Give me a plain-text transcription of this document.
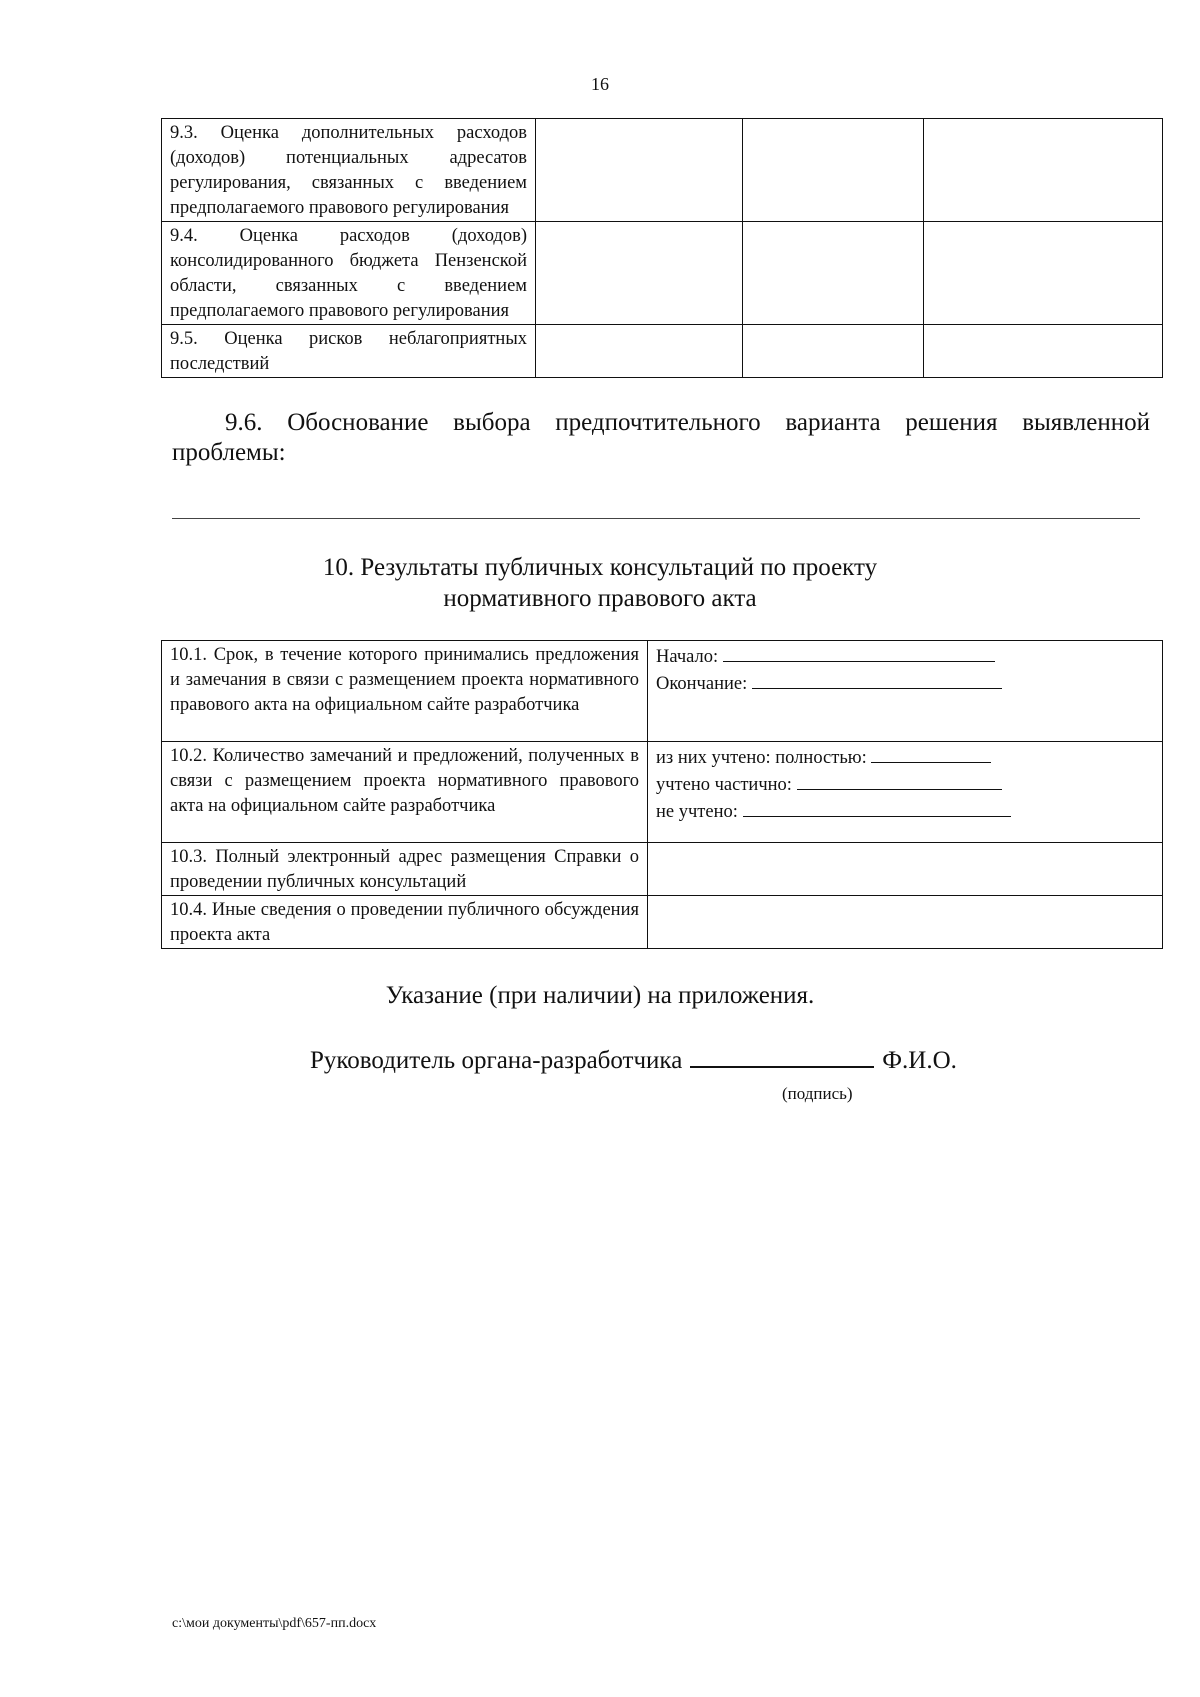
16
9.3. Оценка дополнительных расходов (доходов) потенциальных адресатов регулирования, связанных с введением предполагаемого правового регулирования			
9.4. Оценка расходов (доходов) консолидированного бюджета Пензенской области, связанных с введением предполагаемого правового регулирования			
9.5. Оценка рисков неблагоприятных последствий			
9.6. Обоснование выбора предпочтительного варианта решения выявленной проблемы:
10. Результаты публичных консультаций по проекту
нормативного правового акта
10.1. Срок, в течение которого принимались предложения и замечания в связи с размещением проекта нормативного правового акта на официальном сайте разработчика	Начало:
Окончание:

10.2. Количество замечаний и предложений, полученных в связи с размещением проекта нормативного правового акта на официальном сайте разработчика	из них учтено: полностью:
учтено частично:
не учтено:

10.3. Полный электронный адрес размещения Справки о проведении публичных консультаций	
10.4. Иные сведения о проведении публичного обсуждения проекта акта	
Указание (при наличии) на приложения.
Руководитель органа-разработчика	Ф.И.О.
(подпись)
c:\мои документы\pdf\657-пп.docx
